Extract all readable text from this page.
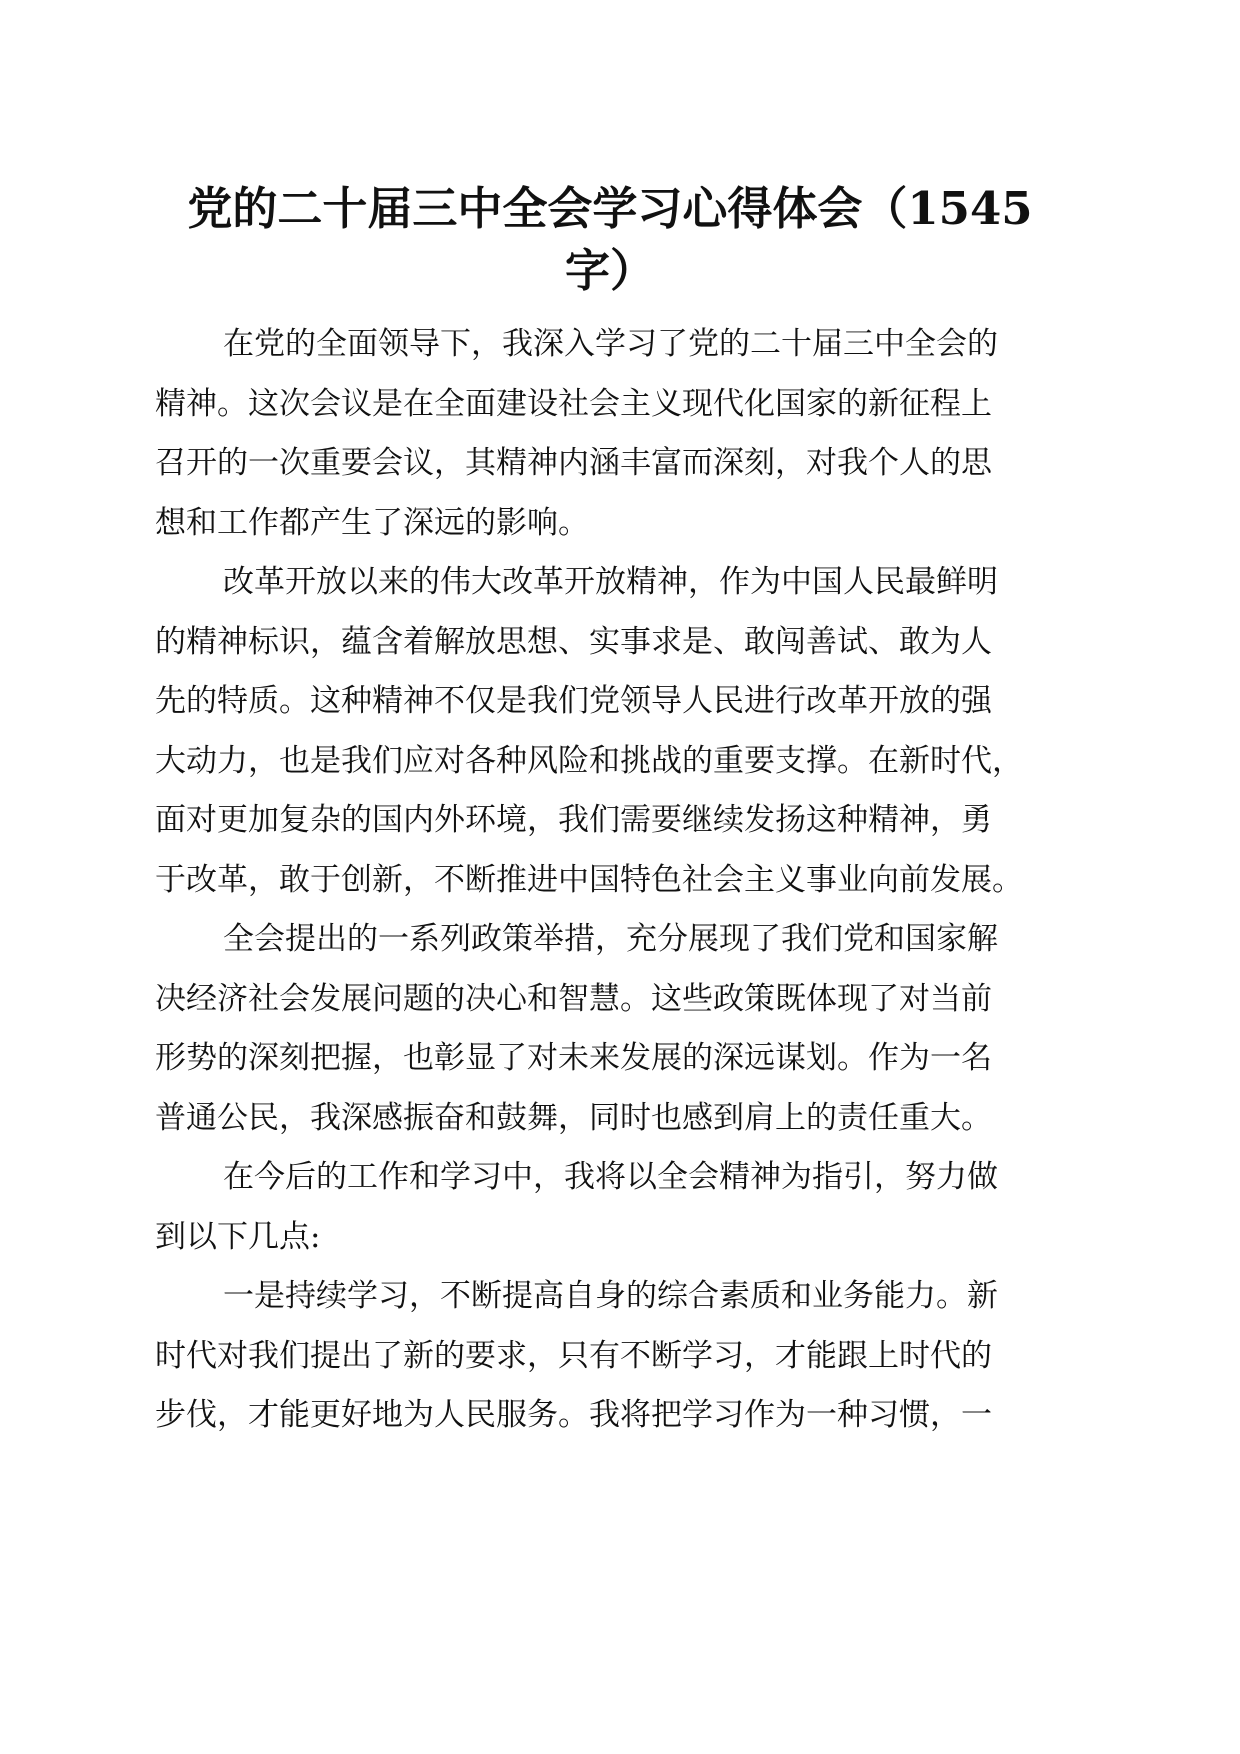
党的二十届三中全会学习心得体会（1545
字）

在党的全面领导下，我深入学习了党的二十届三中全会的
精神。这次会议是在全面建设社会主义现代化国家的新征程上
召开的一次重要会议，其精神内涵丰富而深刻，对我个人的思
想和工作都产生了深远的影响。

改革开放以来的伟大改革开放精神，作为中国人民最鲜明
的精神标识，蕴含着解放思想、实事求是、敢闯善试、敢为人
先的特质。这种精神不仅是我们党领导人民进行改革开放的强
大动力，也是我们应对各种风险和挑战的重要支撑。在新时代，
面对更加复杂的国内外环境，我们需要继续发扬这种精神，勇
于改革，敢于创新，不断推进中国特色社会主义事业向前发展。

全会提出的一系列政策举措，充分展现了我们党和国家解
决经济社会发展问题的决心和智慧。这些政策既体现了对当前
形势的深刻把握，也彰显了对未来发展的深远谋划。作为一名
普通公民，我深感振奋和鼓舞，同时也感到肩上的责任重大。

在今后的工作和学习中，我将以全会精神为指引，努力做
到以下几点:

一是持续学习，不断提高自身的综合素质和业务能力。新
时代对我们提出了新的要求，只有不断学习，才能跟上时代的
步伐，才能更好地为人民服务。我将把学习作为一种习惯，一
